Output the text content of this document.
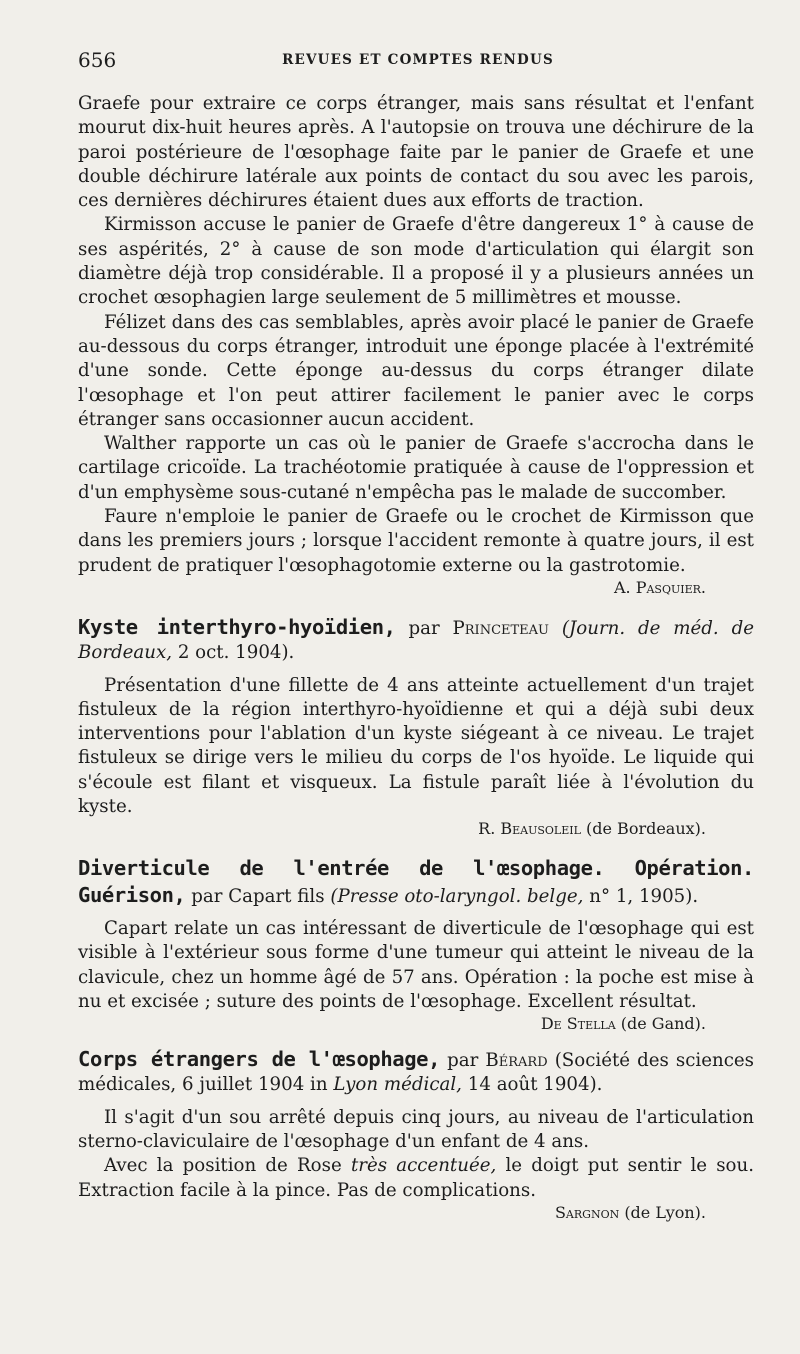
656	REVUES ET COMPTES RENDUS

Graefe pour extraire ce corps étranger, mais sans résultat et l'enfant mourut dix-huit heures après. A l'autopsie on trouva une déchirure de la paroi postérieure de l'œsophage faite par le panier de Graefe et une double déchirure latérale aux points de contact du sou avec les parois, ces dernières déchirures étaient dues aux efforts de traction.

Kirmisson accuse le panier de Graefe d'être dangereux 1° à cause de ses aspérités, 2° à cause de son mode d'articulation qui élargit son diamètre déjà trop considérable. Il a proposé il y a plusieurs années un crochet œsophagien large seulement de 5 millimètres et mousse.

Félizet dans des cas semblables, après avoir placé le panier de Graefe au-dessous du corps étranger, introduit une éponge placée à l'extrémité d'une sonde. Cette éponge au-dessus du corps étranger dilate l'œsophage et l'on peut attirer facilement le panier avec le corps étranger sans occasionner aucun accident.

Walther rapporte un cas où le panier de Graefe s'accrocha dans le cartilage cricoïde. La trachéotomie pratiquée à cause de l'oppression et d'un emphysème sous-cutané n'empêcha pas le malade de succomber.

Faure n'emploie le panier de Graefe ou le crochet de Kirmisson que dans les premiers jours ; lorsque l'accident remonte à quatre jours, il est prudent de pratiquer l'œsophagotomie externe ou la gastrotomie.

A. Pasquier.
Kyste interthyro-hyoïdien, par Princeteau (Journ. de méd. de Bordeaux, 2 oct. 1904).

Présentation d'une fillette de 4 ans atteinte actuellement d'un trajet fistuleux de la région interthyro-hyoïdienne et qui a déjà subi deux interventions pour l'ablation d'un kyste siégeant à ce niveau. Le trajet fistuleux se dirige vers le milieu du corps de l'os hyoïde. Le liquide qui s'écoule est filant et visqueux. La fistule paraît liée à l'évolution du kyste.

R. Beausoleil
(de Bordeaux).
Diverticule de l'entrée de l'œsophage. Opération. Guérison, par Capart fils (Presse oto-laryngol. belge, n° 1, 1905).

Capart relate un cas intéressant de diverticule de l'œsophage qui est visible à l'extérieur sous forme d'une tumeur qui atteint le niveau de la clavicule, chez un homme âgé de 57 ans. Opération : la poche est mise à nu et excisée ; suture des points de l'œsophage. Excellent résultat.

De Stella
(de Gand).
Corps étrangers de l'œsophage, par Bérard (Société des sciences médicales, 6 juillet 1904 in Lyon médical, 14 août 1904).

Il s'agit d'un sou arrêté depuis cinq jours, au niveau de l'articulation sterno-claviculaire de l'œsophage d'un enfant de 4 ans.

Avec la position de Rose très accentuée, le doigt put sentir le sou. Extraction facile à la pince. Pas de complications.

Sargnon
(de Lyon).
